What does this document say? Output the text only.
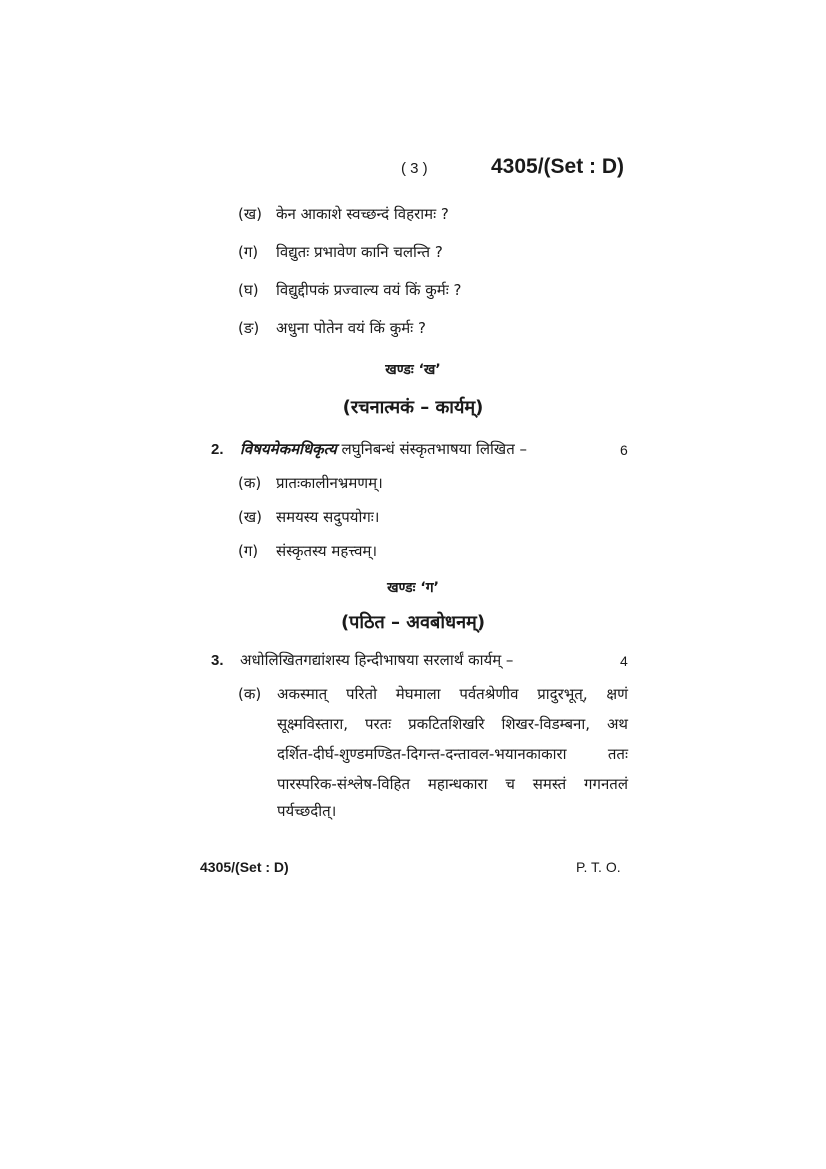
( 3 )	4305/(Set : D)
(ख) केन आकाशे स्वच्छन्दं विहरामः ?
(ग) विद्युतः प्रभावेण कानि चलन्ति ?
(घ) विद्युद्दीपकं प्रज्वाल्य वयं किं कुर्मः ?
(ङ) अधुना पोतेन वयं किं कुर्मः ?
खण्डः ‘ख’
(रचनात्मकं – कार्यम्)
2. विषयमेकमधिकृत्य लघुनिबन्धं संस्कृतभाषया लिखित –	6
(क) प्रातःकालीनभ्रमणम्।
(ख) समयस्य सदुपयोगः।
(ग) संस्कृतस्य महत्त्वम्।
खण्डः ‘ग’
(पठित – अवबोधनम्)
3. अधोलिखितगद्यांशस्य हिन्दीभाषया सरलार्थं कार्यम् –	4
(क) अकस्मात् परितो मेघमाला पर्वतश्रेणीव प्रादुरभूत्, क्षणं
सूक्ष्मविस्तारा, परतः प्रकटितशिखरि शिखर-विडम्बना, अथ
दर्शित-दीर्घ-शुण्डमण्डित-दिगन्त-दन्तावल-भयानकाकारा ततः
पारस्परिक-संश्लेष-विहित महान्धकारा च समस्तं गगनतलं
पर्यच्छदीत्।
4305/(Set : D)	P. T. O.
